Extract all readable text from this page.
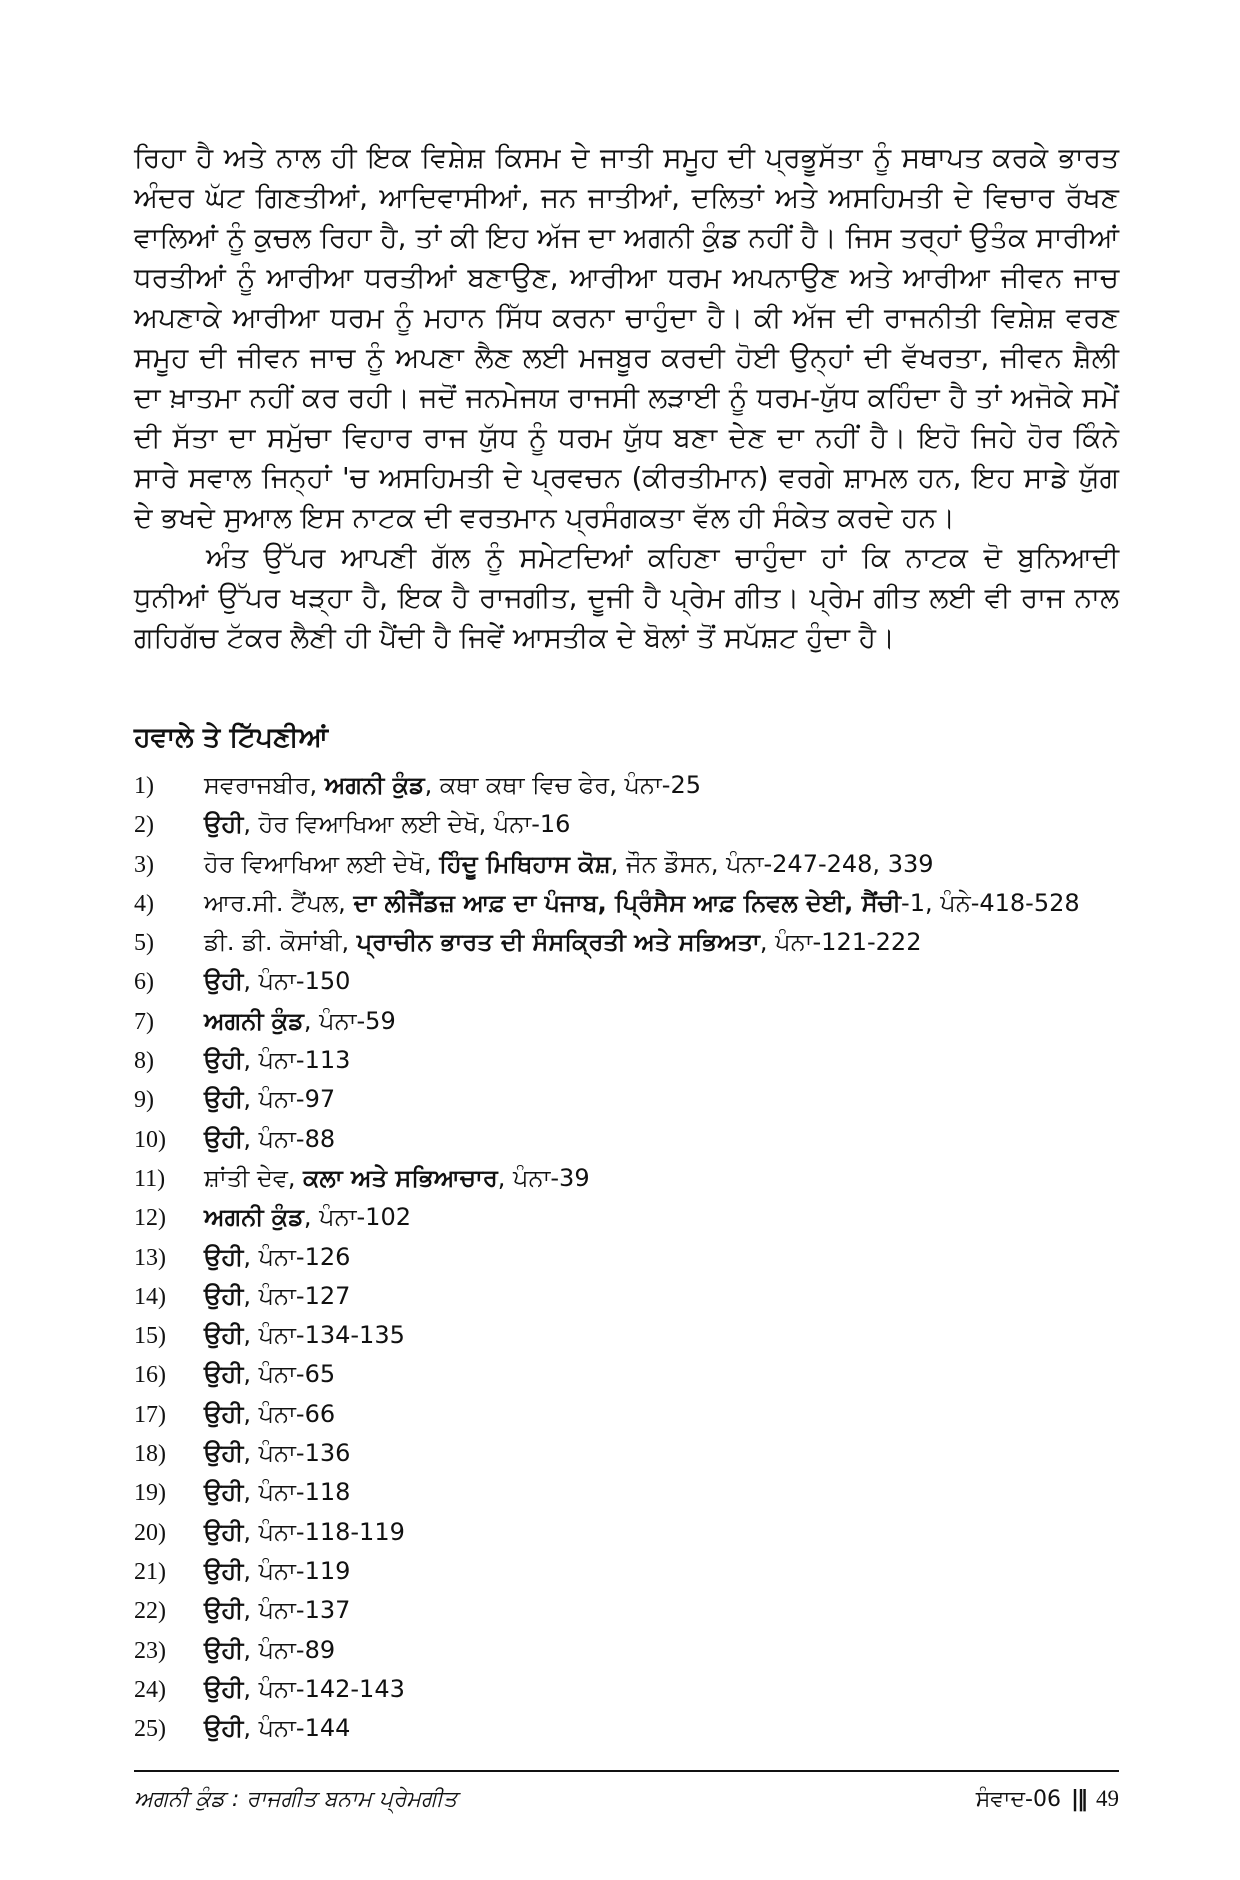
ਰਿਹਾ ਹੈ ਅਤੇ ਨਾਲ ਹੀ ਇਕ ਵਿਸ਼ੇਸ਼ ਕਿਸਮ ਦੇ ਜਾਤੀ ਸਮੂਹ ਦੀ ਪ੍ਰਭੂਸੱਤਾ ਨੂੰ ਸਥਾਪਤ ਕਰਕੇ ਭਾਰਤ ਅੰਦਰ ਘੱਟ ਗਿਣਤੀਆਂ, ਆਦਿਵਾਸੀਆਂ, ਜਨ ਜਾਤੀਆਂ, ਦਲਿਤਾਂ ਅਤੇ ਅਸਹਿਮਤੀ ਦੇ ਵਿਚਾਰ ਰੱਖਣ ਵਾਲਿਆਂ ਨੂੰ ਕੁਚਲ ਰਿਹਾ ਹੈ, ਤਾਂ ਕੀ ਇਹ ਅੱਜ ਦਾ ਅਗਨੀ ਕੁੰਡ ਨਹੀਂ ਹੈ। ਜਿਸ ਤਰ੍ਹਾਂ ਉਤੰਕ ਸਾਰੀਆਂ ਧਰਤੀਆਂ ਨੂੰ ਆਰੀਆ ਧਰਤੀਆਂ ਬਣਾਉਣ, ਆਰੀਆ ਧਰਮ ਅਪਨਾਉਣ ਅਤੇ ਆਰੀਆ ਜੀਵਨ ਜਾਚ ਅਪਣਾਕੇ ਆਰੀਆ ਧਰਮ ਨੂੰ ਮਹਾਨ ਸਿੱਧ ਕਰਨਾ ਚਾਹੁੰਦਾ ਹੈ। ਕੀ ਅੱਜ ਦੀ ਰਾਜਨੀਤੀ ਵਿਸ਼ੇਸ਼ ਵਰਣ ਸਮੂਹ ਦੀ ਜੀਵਨ ਜਾਚ ਨੂੰ ਅਪਣਾ ਲੈਣ ਲਈ ਮਜਬੂਰ ਕਰਦੀ ਹੋਈ ਉਨ੍ਹਾਂ ਦੀ ਵੱਖਰਤਾ, ਜੀਵਨ ਸ਼ੈਲੀ ਦਾ ਖ਼ਾਤਮਾ ਨਹੀਂ ਕਰ ਰਹੀ। ਜਦੋਂ ਜਨਮੇਜਯ ਰਾਜਸੀ ਲੜਾਈ ਨੂੰ ਧਰਮ-ਯੁੱਧ ਕਹਿੰਦਾ ਹੈ ਤਾਂ ਅਜੋਕੇ ਸਮੇਂ ਦੀ ਸੱਤਾ ਦਾ ਸਮੁੱਚਾ ਵਿਹਾਰ ਰਾਜ ਯੁੱਧ ਨੂੰ ਧਰਮ ਯੁੱਧ ਬਣਾ ਦੇਣ ਦਾ ਨਹੀਂ ਹੈ। ਇਹੋ ਜਿਹੇ ਹੋਰ ਕਿੰਨੇ ਸਾਰੇ ਸਵਾਲ ਜਿਨ੍ਹਾਂ 'ਚ ਅਸਹਿਮਤੀ ਦੇ ਪ੍ਰਵਚਨ (ਕੀਰਤੀਮਾਨ) ਵਰਗੇ ਸ਼ਾਮਲ ਹਨ, ਇਹ ਸਾਡੇ ਯੁੱਗ ਦੇ ਭਖਦੇ ਸੁਆਲ ਇਸ ਨਾਟਕ ਦੀ ਵਰਤਮਾਨ ਪ੍ਰਸੰਗਕਤਾ ਵੱਲ ਹੀ ਸੰਕੇਤ ਕਰਦੇ ਹਨ।

ਅੰਤ ਉੱਪਰ ਆਪਣੀ ਗੱਲ ਨੂੰ ਸਮੇਟਦਿਆਂ ਕਹਿਣਾ ਚਾਹੁੰਦਾ ਹਾਂ ਕਿ ਨਾਟਕ ਦੋ ਬੁਨਿਆਦੀ ਧੁਨੀਆਂ ਉੱਪਰ ਖੜ੍ਹਾ ਹੈ, ਇਕ ਹੈ ਰਾਜਗੀਤ, ਦੂਜੀ ਹੈ ਪ੍ਰੇਮ ਗੀਤ। ਪ੍ਰੇਮ ਗੀਤ ਲਈ ਵੀ ਰਾਜ ਨਾਲ ਗਹਿਗੱਚ ਟੱਕਰ ਲੈਣੀ ਹੀ ਪੈਂਦੀ ਹੈ ਜਿਵੇਂ ਆਸਤੀਕ ਦੇ ਬੋਲਾਂ ਤੋਂ ਸਪੱਸ਼ਟ ਹੁੰਦਾ ਹੈ।

ਹਵਾਲੇ ਤੇ ਟਿੱਪਣੀਆਂ
1)	ਸਵਰਾਜਬੀਰ, ਅਗਨੀ ਕੁੰਡ, ਕਥਾ ਕਥਾ ਵਿਚ ਫੇਰ, ਪੰਨਾ-25
2)	ਉਹੀ, ਹੋਰ ਵਿਆਖਿਆ ਲਈ ਦੇਖੋ, ਪੰਨਾ-16
3)	ਹੋਰ ਵਿਆਖਿਆ ਲਈ ਦੇਖੋ, ਹਿੰਦੂ ਮਿਥਿਹਾਸ ਕੋਸ਼, ਜੌਨ ਡੌਸਨ, ਪੰਨਾ-247-248, 339
4)	ਆਰ.ਸੀ. ਟੈਂਪਲ, ਦਾ ਲੀਜੈਂਡਜ਼ ਆਫ਼ ਦਾ ਪੰਜਾਬ, ਪ੍ਰਿੰਸੈਸ ਆਫ਼ ਨਿਵਲ ਦੇਈ, ਸੈਂਚੀ-1, ਪੰਨੇ-418-528
5)	ਡੀ. ਡੀ. ਕੋਸਾਂਬੀ, ਪ੍ਰਾਚੀਨ ਭਾਰਤ ਦੀ ਸੰਸਕ੍ਰਿਤੀ ਅਤੇ ਸਭਿਅਤਾ, ਪੰਨਾ-121-222
6)	ਉਹੀ, ਪੰਨਾ-150
7)	ਅਗਨੀ ਕੁੰਡ, ਪੰਨਾ-59
8)	ਉਹੀ, ਪੰਨਾ-113
9)	ਉਹੀ, ਪੰਨਾ-97
10)	ਉਹੀ, ਪੰਨਾ-88
11)	ਸ਼ਾਂਤੀ ਦੇਵ, ਕਲਾ ਅਤੇ ਸਭਿਆਚਾਰ, ਪੰਨਾ-39
12)	ਅਗਨੀ ਕੁੰਡ, ਪੰਨਾ-102
13)	ਉਹੀ, ਪੰਨਾ-126
14)	ਉਹੀ, ਪੰਨਾ-127
15)	ਉਹੀ, ਪੰਨਾ-134-135
16)	ਉਹੀ, ਪੰਨਾ-65
17)	ਉਹੀ, ਪੰਨਾ-66
18)	ਉਹੀ, ਪੰਨਾ-136
19)	ਉਹੀ, ਪੰਨਾ-118
20)	ਉਹੀ, ਪੰਨਾ-118-119
21)	ਉਹੀ, ਪੰਨਾ-119
22)	ਉਹੀ, ਪੰਨਾ-137
23)	ਉਹੀ, ਪੰਨਾ-89
24)	ਉਹੀ, ਪੰਨਾ-142-143
25)	ਉਹੀ, ਪੰਨਾ-144
ਅਗਨੀ ਕੁੰਡ : ਰਾਜਗੀਤ ਬਨਾਮ ਪ੍ਰੇਮਗੀਤ	ਸੰਵਾਦ-06 |‖ 49
